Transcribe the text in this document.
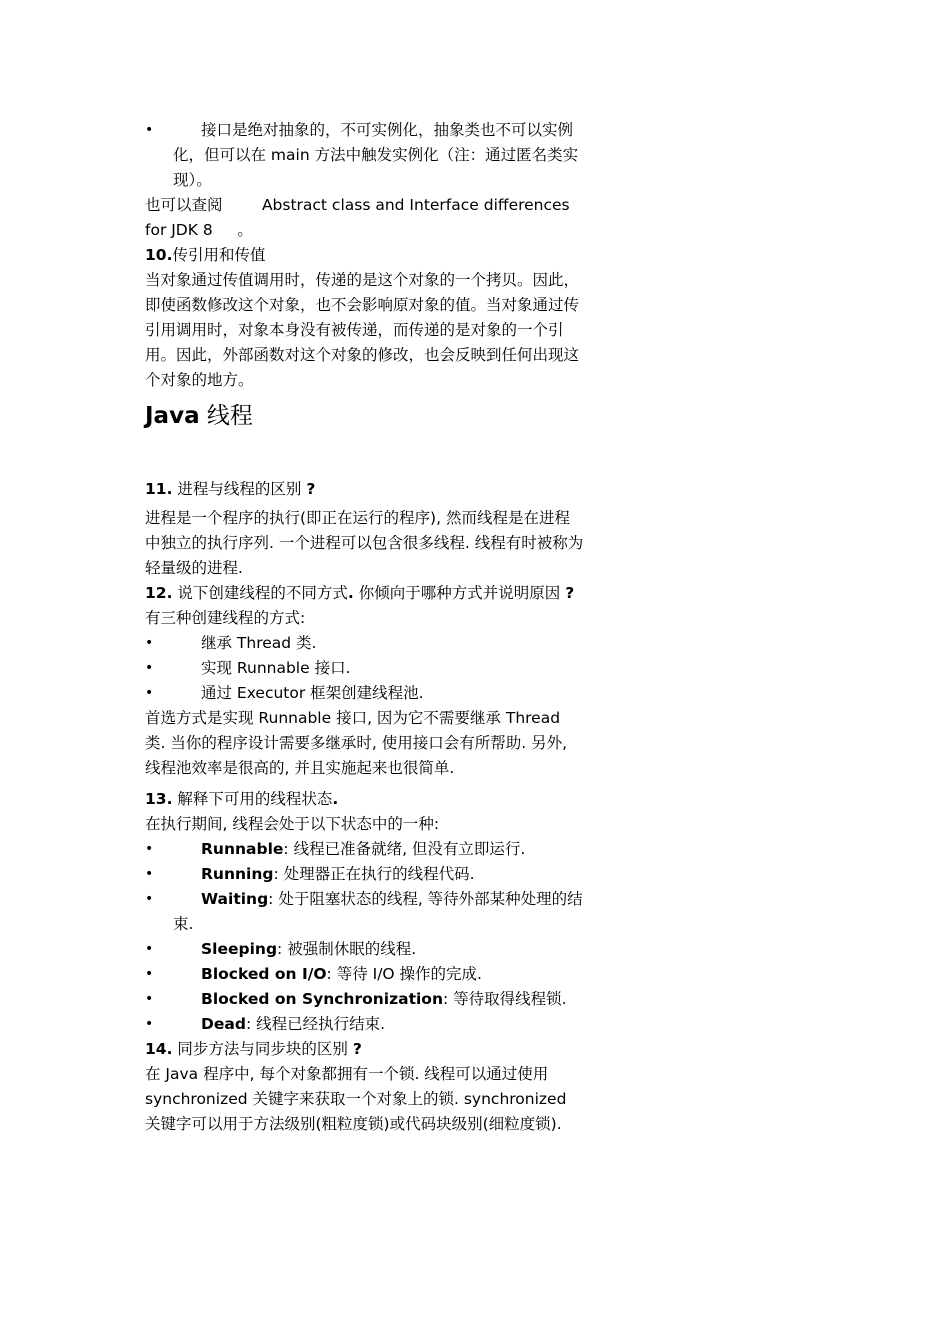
•	接口是绝对抽象的，不可实例化，抽象类也不可以实例化，但可以在 main 方法中触发实例化（注：通过匿名类实现）。

也可以查阅	Abstract class and Interface differences for JDK 8 。

10.传引用和传值

当对象通过传值调用时，传递的是这个对象的一个拷贝。因此，即使函数修改这个对象，也不会影响原对象的值。当对象通过传引用调用时，对象本身没有被传递，而传递的是对象的一个引用。因此，外部函数对这个对象的修改，也会反映到任何出现这个对象的地方。

Java 线程

11. 进程与线程的区别 ?

进程是一个程序的执行(即正在运行的程序), 然而线程是在进程中独立的执行序列. 一个进程可以包含很多线程. 线程有时被称为轻量级的进程.

12. 说下创建线程的不同方式. 你倾向于哪种方式并说明原因 ?

有三种创建线程的方式:

•	继承 Thread 类.
•	实现 Runnable 接口.
•	通过 Executor 框架创建线程池.

首选方式是实现 Runnable 接口, 因为它不需要继承 Thread 类. 当你的程序设计需要多继承时, 使用接口会有所帮助. 另外, 线程池效率是很高的, 并且实施起来也很简单.

13. 解释下可用的线程状态.

在执行期间, 线程会处于以下状态中的一种:

•	Runnable: 线程已准备就绪, 但没有立即运行.
•	Running: 处理器正在执行的线程代码.
•	Waiting: 处于阻塞状态的线程, 等待外部某种处理的结束.
•	Sleeping: 被强制休眠的线程.
•	Blocked on I/O: 等待 I/O 操作的完成.
•	Blocked on Synchronization: 等待取得线程锁.
•	Dead: 线程已经执行结束.

14. 同步方法与同步块的区别 ?

在 Java 程序中, 每个对象都拥有一个锁. 线程可以通过使用 synchronized 关键字来获取一个对象上的锁. synchronized 关键字可以用于方法级别(粗粒度锁)或代码块级别(细粒度锁).
